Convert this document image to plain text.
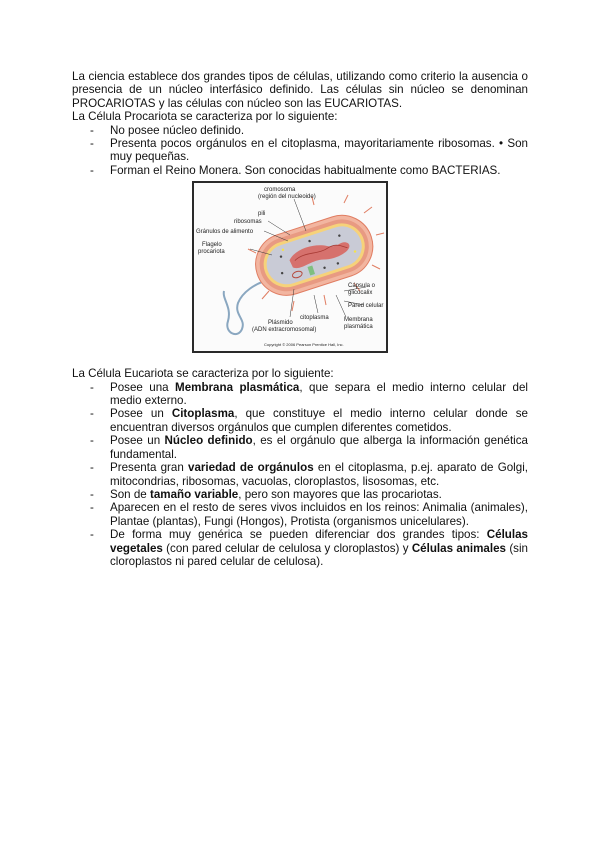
La ciencia establece dos grandes tipos de células, utilizando como criterio la ausencia o presencia de un núcleo interfásico definido. Las células sin núcleo se denominan PROCARIOTAS y las células con núcleo son las EUCARIOTAS.

La Célula Procariota se caracteriza por lo siguiente:

- No posee núcleo definido.
- Presenta pocos orgánulos en el citoplasma, mayoritariamente ribosomas. • Son muy pequeñas.
- Forman el Reino Monera. Son conocidas habitualmente como BACTERIAS.
cromosoma
(región del nucleoide)
pili
ribosomas
Gránulos de alimento
Flagelo
procariota
Cápsula o
glicocalix
Pared celular
Membrana
plasmática
citoplasma
Plásmido
(ADN extracromosomal)
Copyright © 2006 Pearson Prentice Hall, Inc.

La Célula Eucariota se caracteriza por lo siguiente:

- Posee una Membrana plasmática, que separa el medio interno celular del medio externo.
- Posee un Citoplasma, que constituye el medio interno celular donde se encuentran diversos orgánulos que cumplen diferentes cometidos.
- Posee un Núcleo definido, es el orgánulo que alberga la información genética fundamental.
- Presenta gran variedad de orgánulos en el citoplasma, p.ej. aparato de Golgi, mitocondrias, ribosomas, vacuolas, cloroplastos, lisosomas, etc.
- Son de tamaño variable, pero son mayores que las procariotas.
- Aparecen en el resto de seres vivos incluidos en los reinos: Animalia (animales), Plantae (plantas), Fungi (Hongos), Protista (organismos unicelulares).
- De forma muy genérica se pueden diferenciar dos grandes tipos: Células vegetales (con pared celular de celulosa y cloroplastos) y Células animales (sin cloroplastos ni pared celular de celulosa).
